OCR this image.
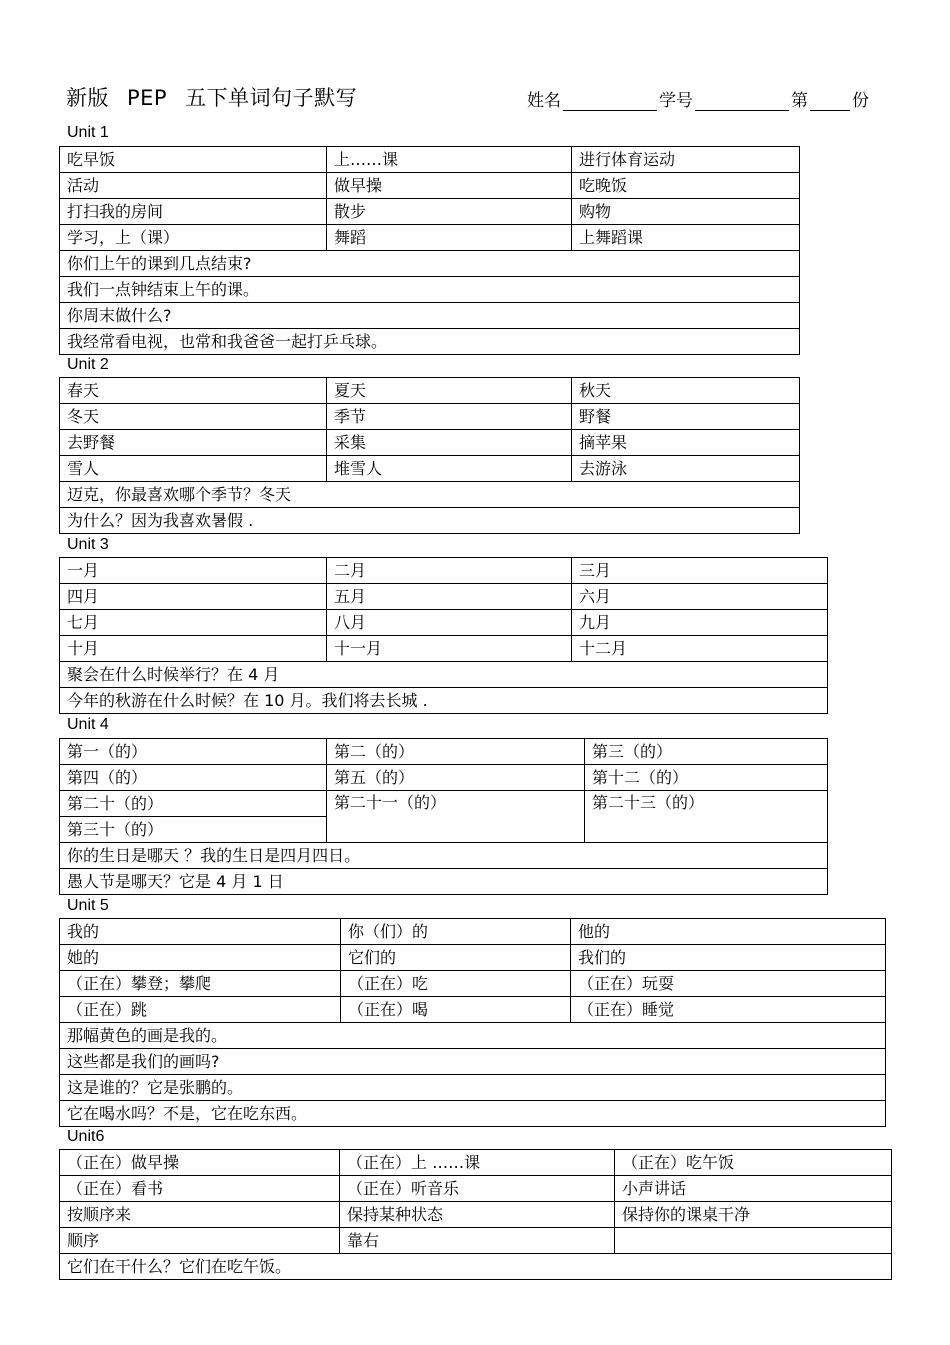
新版 PEP 五下单词句子默写	姓名	学号	第	份
Unit 1
吃早饭	上……课	进行体育运动
活动	做早操	吃晚饭
打扫我的房间	散步	购物
学习，上（课）	舞蹈	上舞蹈课
你们上午的课到几点结束?		
我们一点钟结束上午的课。		
你周末做什么?		
我经常看电视，也常和我爸爸一起打乒乓球。		
Unit 2
春天	夏天	秋天
冬天	季节	野餐
去野餐	采集	摘苹果
雪人	堆雪人	去游泳
迈克，你最喜欢哪个季节？冬天		
为什么？因为我喜欢暑假 .		
Unit 3
一月	二月	三月
四月	五月	六月
七月	八月	九月
十月	十一月	十二月
聚会在什么时候举行？在 4 月		
今年的秋游在什么时候？在 10 月。我们将去长城 .		
Unit 4
第一（的）	第二（的）	第三（的）
第四（的）	第五（的）	第十二（的）
第二十（的）	第二十一（的）	第二十三（的）
第三十（的）		
你的生日是哪天 ？我的生日是四月四日。		
愚人节是哪天？它是 4 月 1 日		
Unit 5
我的	你（们）的	他的
她的	它们的	我们的
（正在）攀登；攀爬	（正在）吃	（正在）玩耍
（正在）跳	（正在）喝	（正在）睡觉
那幅黄色的画是我的。		
这些都是我们的画吗?		
这是谁的？它是张鹏的。		
它在喝水吗？不是，它在吃东西。		
Unit6
（正在）做早操	（正在）上 ……课	（正在）吃午饭
（正在）看书	（正在）听音乐	小声讲话
按顺序来	保持某种状态	保持你的课桌干净
顺序	靠右	
它们在干什么？它们在吃午饭。		
